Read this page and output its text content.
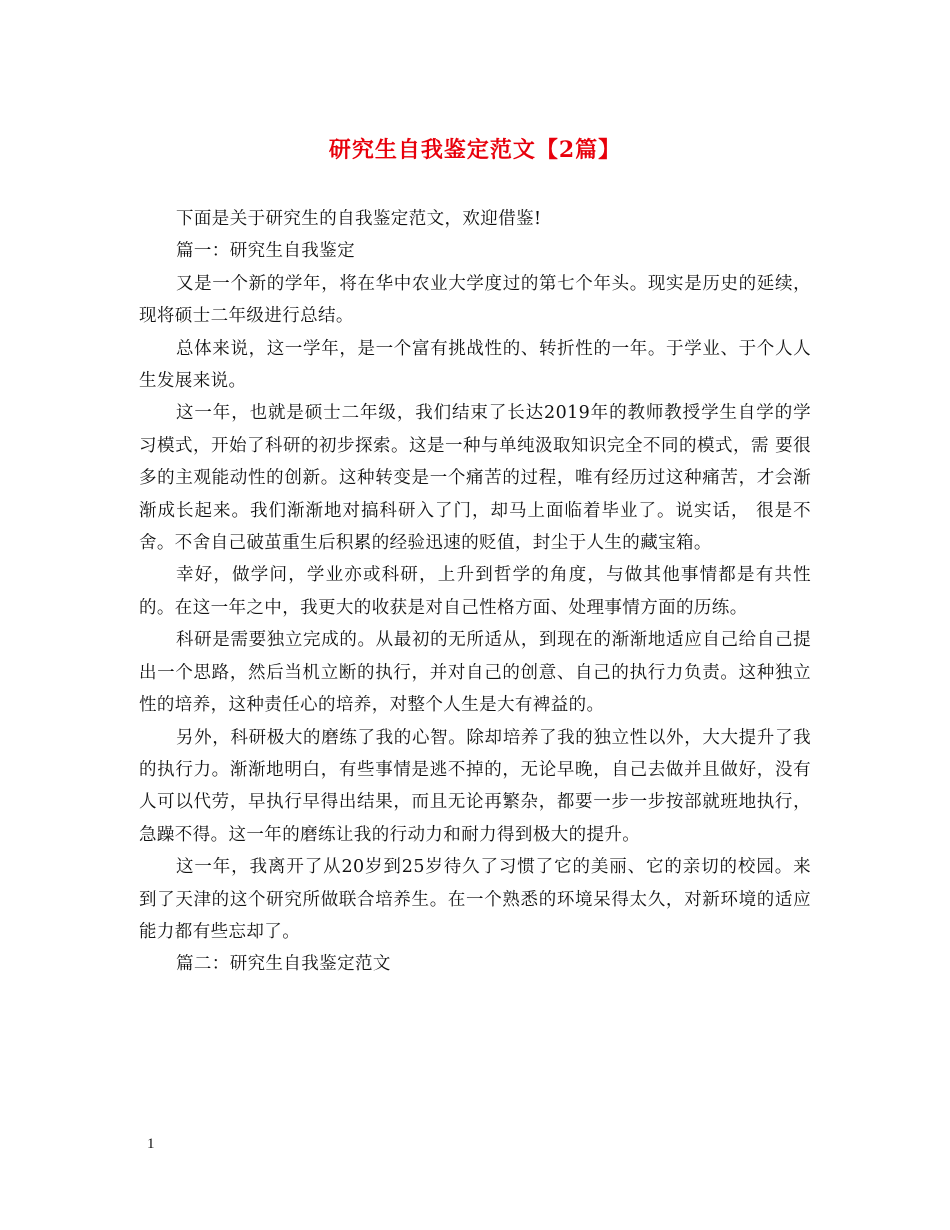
研究生自我鉴定范文【2篇】

下面是关于研究生的自我鉴定范文，欢迎借鉴!

篇一：研究生自我鉴定

又是一个新的学年，将在华中农业大学度过的第七个年头。现实是历史的延续，现将硕士二年级进行总结。

总体来说，这一学年，是一个富有挑战性的、转折性的一年。于学业、于个人人生发展来说。

这一年，也就是硕士二年级，我们结束了长达2019年的教师教授学生自学的学习模式，开始了科研的初步探索。这是一种与单纯汲取知识完全不同的模式，需 要很多的主观能动性的创新。这种转变是一个痛苦的过程，唯有经历过这种痛苦，才会渐渐成长起来。我们渐渐地对搞科研入了门，却马上面临着毕业了。说实话， 很是不舍。不舍自己破茧重生后积累的经验迅速的贬值，封尘于人生的藏宝箱。

幸好，做学问，学业亦或科研，上升到哲学的角度，与做其他事情都是有共性的。在这一年之中，我更大的收获是对自己性格方面、处理事情方面的历练。

科研是需要独立完成的。从最初的无所适从，到现在的渐渐地适应自己给自己提出一个思路，然后当机立断的执行，并对自己的创意、自己的执行力负责。这种独立性的培养，这种责任心的培养，对整个人生是大有裨益的。

另外，科研极大的磨练了我的心智。除却培养了我的独立性以外，大大提升了我的执行力。渐渐地明白，有些事情是逃不掉的，无论早晚，自己去做并且做好，没有人可以代劳，早执行早得出结果，而且无论再繁杂，都要一步一步按部就班地执行，急躁不得。这一年的磨练让我的行动力和耐力得到极大的提升。

这一年，我离开了从20岁到25岁待久了习惯了它的美丽、它的亲切的校园。来到了天津的这个研究所做联合培养生。在一个熟悉的环境呆得太久，对新环境的适应能力都有些忘却了。

篇二：研究生自我鉴定范文

1
